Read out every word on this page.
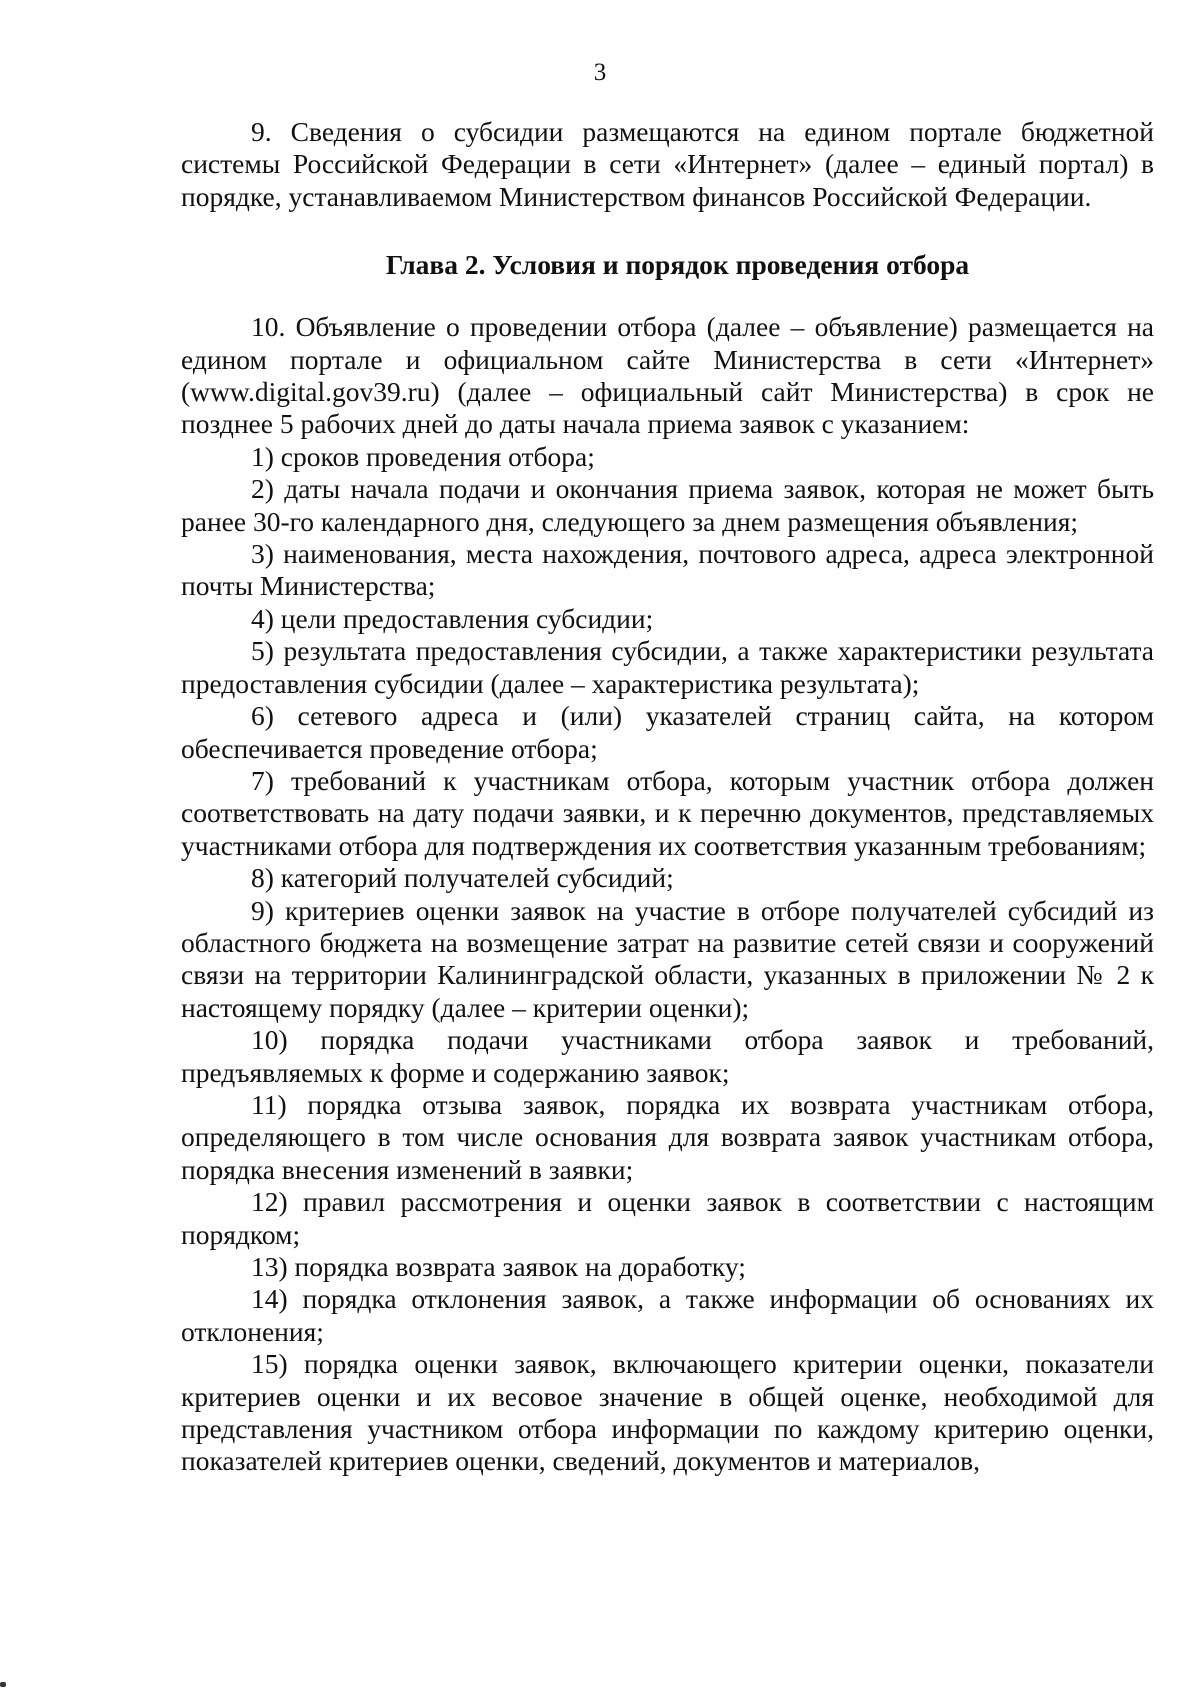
3

9. Сведения о субсидии размещаются на едином портале бюджетной системы Российской Федерации в сети «Интернет» (далее – единый портал) в порядке, устанавливаемом Министерством финансов Российской Федерации.

Глава 2. Условия и порядок проведения отбора

10. Объявление о проведении отбора (далее – объявление) размещается на едином портале и официальном сайте Министерства в сети «Интернет» (www.digital.gov39.ru) (далее – официальный сайт Министерства) в срок не позднее 5 рабочих дней до даты начала приема заявок с указанием:

1) сроков проведения отбора;

2) даты начала подачи и окончания приема заявок, которая не может быть ранее 30-го календарного дня, следующего за днем размещения объявления;

3) наименования, места нахождения, почтового адреса, адреса электронной почты Министерства;

4) цели предоставления субсидии;

5) результата предоставления субсидии, а также характеристики результата предоставления субсидии (далее – характеристика результата);

6) сетевого адреса и (или) указателей страниц сайта, на котором обеспечивается проведение отбора;

7) требований к участникам отбора, которым участник отбора должен соответствовать на дату подачи заявки, и к перечню документов, представляемых участниками отбора для подтверждения их соответствия указанным требованиям;

8) категорий получателей субсидий;

9) критериев оценки заявок на участие в отборе получателей субсидий из областного бюджета на возмещение затрат на развитие сетей связи и сооружений связи на территории Калининградской области, указанных в приложении № 2 к настоящему порядку (далее – критерии оценки);

10) порядка подачи участниками отбора заявок и требований, предъявляемых к форме и содержанию заявок;

11) порядка отзыва заявок, порядка их возврата участникам отбора, определяющего в том числе основания для возврата заявок участникам отбора, порядка внесения изменений в заявки;

12) правил рассмотрения и оценки заявок в соответствии с настоящим порядком;

13) порядка возврата заявок на доработку;

14) порядка отклонения заявок, а также информации об основаниях их отклонения;

15) порядка оценки заявок, включающего критерии оценки, показатели критериев оценки и их весовое значение в общей оценке, необходимой для представления участником отбора информации по каждому критерию оценки, показателей критериев оценки, сведений, документов и материалов,
